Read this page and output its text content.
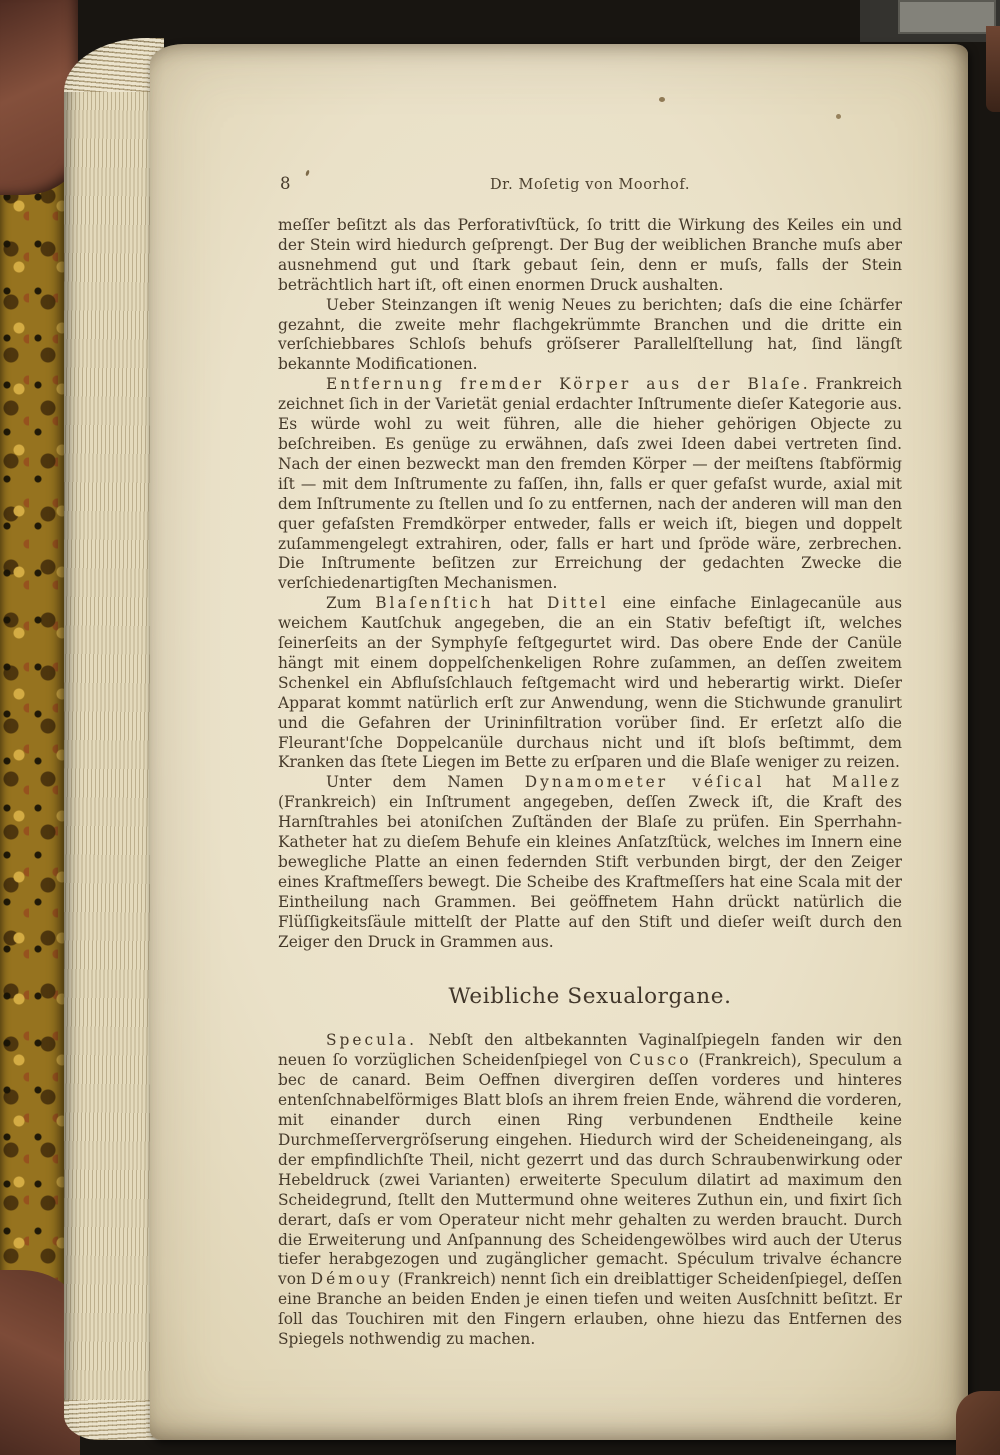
8	Dr. Moſetig von Moorhof.

meſſer beſitzt als das Perforativſtück, ſo tritt die Wirkung des Keiles ein und der Stein wird hiedurch geſprengt. Der Bug der weiblichen Branche muſs aber ausnehmend gut und ſtark gebaut ſein, denn er muſs, falls der Stein beträchtlich hart iſt, oft einen enormen Druck aushalten.

Ueber Steinzangen iſt wenig Neues zu berichten; daſs die eine ſchärfer gezahnt, die zweite mehr flachgekrümmte Branchen und die dritte ein verſchiebbares Schloſs behufs gröſserer Parallelſtellung hat, ſind längſt bekannte Modificationen.

Entfernung fremder Körper aus der Blaſe. Frankreich zeichnet ſich in der Varietät genial erdachter Inſtrumente dieſer Kategorie aus. Es würde wohl zu weit führen, alle die hieher gehörigen Objecte zu beſchreiben. Es genüge zu erwähnen, daſs zwei Ideen dabei vertreten ſind. Nach der einen bezweckt man den fremden Körper — der meiſtens ſtabförmig iſt — mit dem Inſtrumente zu faſſen, ihn, falls er quer gefaſst wurde, axial mit dem Inſtrumente zu ſtellen und ſo zu entfernen, nach der anderen will man den quer gefaſsten Fremdkörper entweder, falls er weich iſt, biegen und doppelt zuſammengelegt extrahiren, oder, falls er hart und ſpröde wäre, zerbrechen. Die Inſtrumente beſitzen zur Erreichung der gedachten Zwecke die verſchiedenartigſten Mechanismen.

Zum Blaſenſtich hat Dittel eine einfache Einlagecanüle aus weichem Kautſchuk angegeben, die an ein Stativ befeſtigt iſt, welches ſeinerſeits an der Symphyſe feſtgegurtet wird. Das obere Ende der Canüle hängt mit einem doppelſchenkeligen Rohre zuſammen, an deſſen zweitem Schenkel ein Abfluſsſchlauch feſtgemacht wird und heberartig wirkt. Dieſer Apparat kommt natürlich erſt zur Anwendung, wenn die Stichwunde granulirt und die Gefahren der Urininfiltration vorüber ſind. Er erſetzt alſo die Fleurant'ſche Doppelcanüle durchaus nicht und iſt bloſs beſtimmt, dem Kranken das ſtete Liegen im Bette zu erſparen und die Blaſe weniger zu reizen.

Unter dem Namen Dynamometer véſical hat Mallez (Frankreich) ein Inſtrument angegeben, deſſen Zweck iſt, die Kraft des Harnſtrahles bei atoniſchen Zuſtänden der Blaſe zu prüfen. Ein Sperrhahn-Katheter hat zu dieſem Behufe ein kleines Anſatzſtück, welches im Innern eine bewegliche Platte an einen federnden Stift verbunden birgt, der den Zeiger eines Kraftmeſſers bewegt. Die Scheibe des Kraftmeſſers hat eine Scala mit der Eintheilung nach Grammen. Bei geöffnetem Hahn drückt natürlich die Flüſſigkeitsſäule mittelſt der Platte auf den Stift und dieſer weiſt durch den Zeiger den Druck in Grammen aus.

Weibliche Sexualorgane.

Specula. Nebſt den altbekannten Vaginalſpiegeln fanden wir den neuen ſo vorzüglichen Scheidenſpiegel von Cusco (Frankreich), Speculum a bec de canard. Beim Oeffnen divergiren deſſen vorderes und hinteres entenſchnabelförmiges Blatt bloſs an ihrem freien Ende, während die vorderen, mit einander durch einen Ring verbundenen Endtheile keine Durchmeſſervergröſserung eingehen. Hiedurch wird der Scheideneingang, als der empfindlichſte Theil, nicht gezerrt und das durch Schraubenwirkung oder Hebeldruck (zwei Varianten) erweiterte Speculum dilatirt ad maximum den Scheidegrund, ſtellt den Muttermund ohne weiteres Zuthun ein, und fixirt ſich derart, daſs er vom Operateur nicht mehr gehalten zu werden braucht. Durch die Erweiterung und Anſpannung des Scheidengewölbes wird auch der Uterus tiefer herabgezogen und zugänglicher gemacht. Spéculum trivalve échancre von Démouy (Frankreich) nennt ſich ein dreiblattiger Scheidenſpiegel, deſſen eine Branche an beiden Enden je einen tiefen und weiten Ausſchnitt beſitzt. Er ſoll das Touchiren mit den Fingern erlauben, ohne hiezu das Entfernen des Spiegels nothwendig zu machen.
